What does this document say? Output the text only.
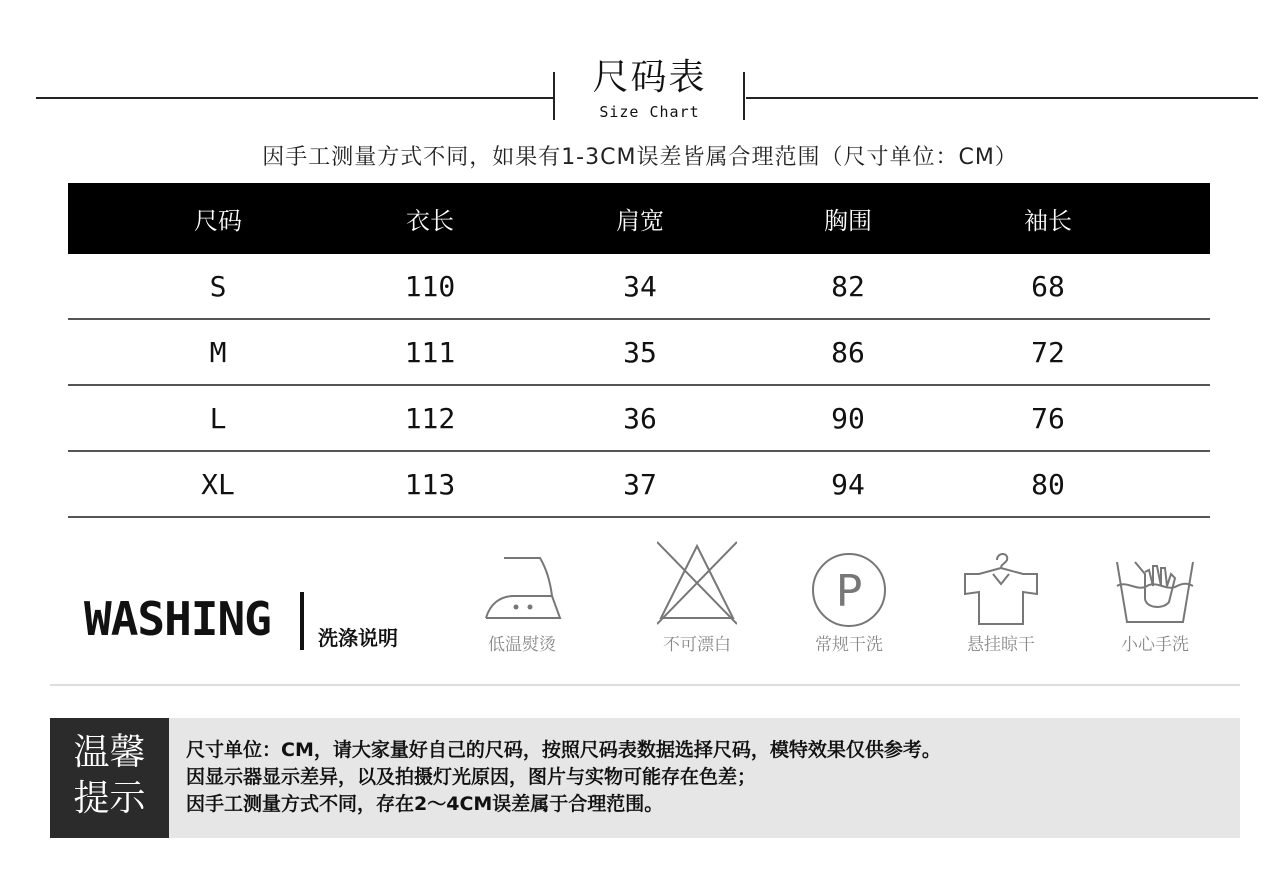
尺码表
Size Chart
因手工测量方式不同，如果有1-3CM误差皆属合理范围（尺寸单位：CM）
尺码	衣长	肩宽	胸围	袖长
S	110	34	82	68
M	111	35	86	72
L	112	36	90	76
XL	113	37	94	80
WASHING 洗涤说明	低温熨烫	不可漂白
P
常规干洗	悬挂晾干	小心手洗
温馨
提示
尺寸单位：CM，请大家量好自己的尺码，按照尺码表数据选择尺码，模特效果仅供参考。
因显示器显示差异，以及拍摄灯光原因，图片与实物可能存在色差；
因手工测量方式不同，存在2～4CM误差属于合理范围。
